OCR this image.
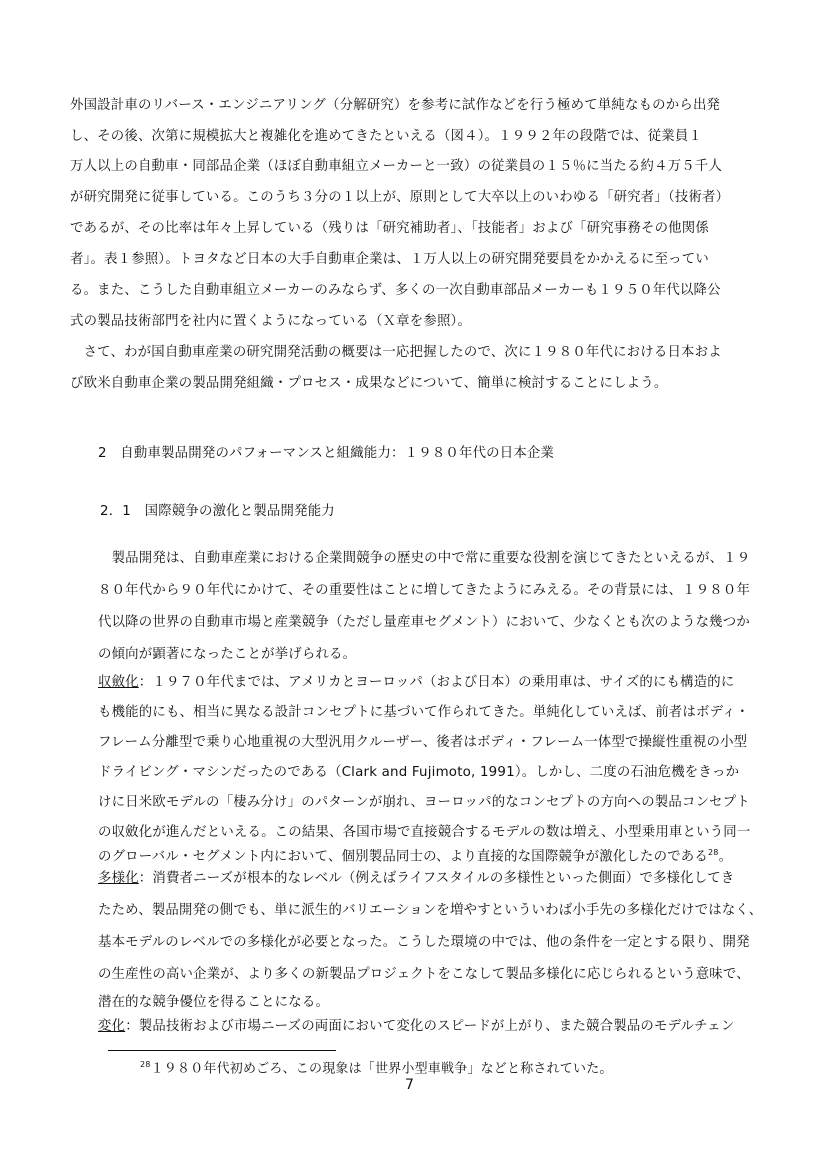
外国設計車のリバース・エンジニアリング（分解研究）を参考に試作などを行う極めて単純なものから出発
し、その後、次第に規模拡大と複雑化を進めてきたといえる（図４）。１９９２年の段階では、従業員１
万人以上の自動車・同部品企業（ほぼ自動車組立メーカーと一致）の従業員の１５％に当たる約４万５千人
が研究開発に従事している。このうち３分の１以上が、原則として大卒以上のいわゆる「研究者」（技術者）
であるが、その比率は年々上昇している（残りは「研究補助者」、「技能者」および「研究事務その他関係
者」。表１参照）。トヨタなど日本の大手自動車企業は、１万人以上の研究開発要員をかかえるに至ってい
る。また、こうした自動車組立メーカーのみならず、多くの一次自動車部品メーカーも１９５０年代以降公
式の製品技術部門を社内に置くようになっている（Ｘ章を参照）。
　さて、わが国自動車産業の研究開発活動の概要は一応把握したので、次に１９８０年代における日本およ
び欧米自動車企業の製品開発組織・プロセス・成果などについて、簡単に検討することにしよう。
2　自動車製品開発のパフォーマンスと組織能力：１９８０年代の日本企業
2．1　国際競争の激化と製品開発能力
　製品開発は、自動車産業における企業間競争の歴史の中で常に重要な役割を演じてきたといえるが、１９
８０年代から９０年代にかけて、その重要性はことに増してきたようにみえる。その背景には、１９８０年
代以降の世界の自動車市場と産業競争（ただし量産車セグメント）において、少なくとも次のような幾つか
の傾向が顕著になったことが挙げられる。
収斂化：１９７０年代までは、アメリカとヨーロッパ（および日本）の乗用車は、サイズ的にも構造的に
も機能的にも、相当に異なる設計コンセプトに基づいて作られてきた。単純化していえば、前者はボディ・
フレーム分離型で乗り心地重視の大型汎用クルーザー、後者はボディ・フレーム一体型で操縦性重視の小型
ドライビング・マシンだったのである（Clark and Fujimoto, 1991）。しかし、二度の石油危機をきっか
けに日米欧モデルの「棲み分け」のパターンが崩れ、ヨーロッパ的なコンセプトの方向への製品コンセプト
の収斂化が進んだといえる。この結果、各国市場で直接競合するモデルの数は増え、小型乗用車という同一
のグローバル・セグメント内において、個別製品同士の、より直接的な国際競争が激化したのである$^{28}$。
多様化：消費者ニーズが根本的なレベル（例えばライフスタイルの多様性といった側面）で多様化してき
たため、製品開発の側でも、単に派生的バリエーションを増やすといういわば小手先の多様化だけではなく、
基本モデルのレベルでの多様化が必要となった。こうした環境の中では、他の条件を一定とする限り、開発
の生産性の高い企業が、より多くの新製品プロジェクトをこなして製品多様化に応じられるという意味で、
潜在的な競争優位を得ることになる。
$^{28}$１９８０年代初めごろ、この現象は「世界小型車戦争」などと称されていた。
7
変化：製品技術および市場ニーズの両面において変化のスピードが上がり、また競合製品のモデルチェン
